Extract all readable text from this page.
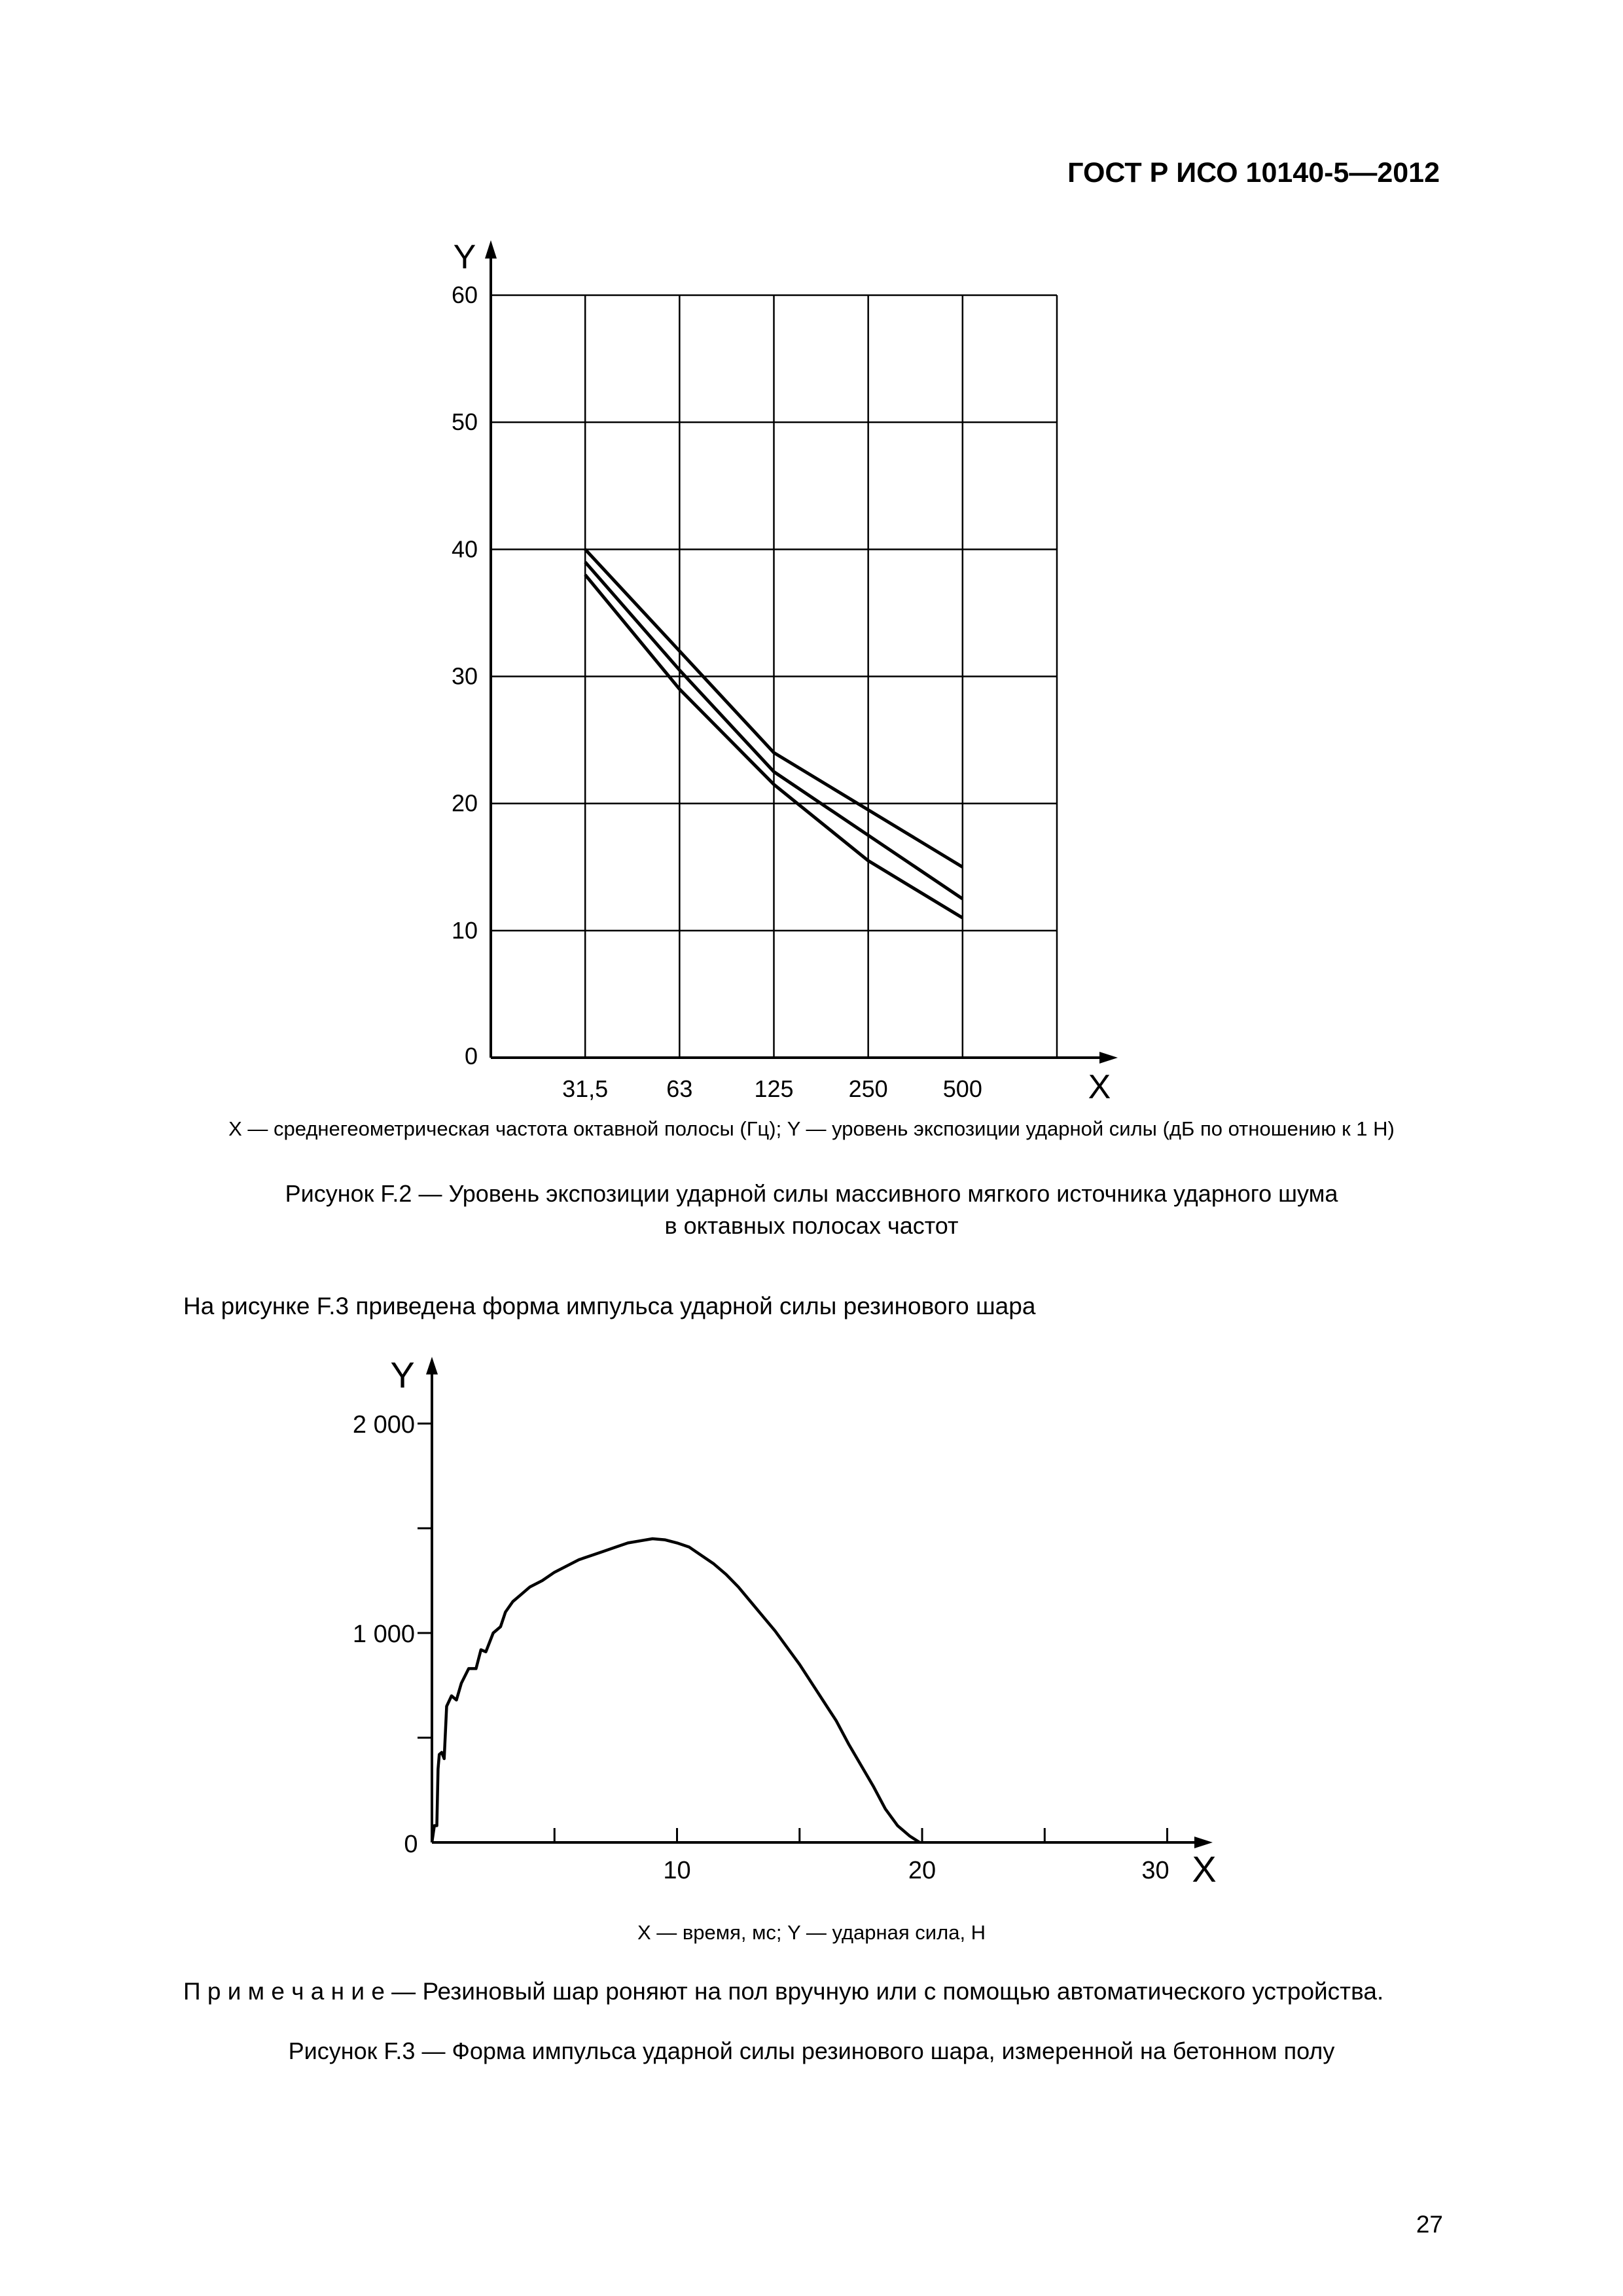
ГОСТ Р ИСО 10140-5—2012
Y
X
0
10
20
30
40
50
60
31,5 63	125 250 500
X — среднегеометрическая частота октавной полосы (Гц); Y — уровень экспозиции ударной силы (дБ по отношению к 1 Н)
Рисунок F.2 — Уровень экспозиции ударной силы массивного мягкого источника ударного шума
в октавных полосах частот
На рисунке F.3 приведена форма импульса ударной силы резинового шара
Y
X
0
1 000
2 000
10	20	30
X — время, мс; Y — ударная сила, Н
П р и м е ч а н и е — Резиновый шар роняют на пол вручную или с помощью автоматического устройства.
Рисунок F.3 — Форма импульса ударной силы резинового шара, измеренной на бетонном полу
27
